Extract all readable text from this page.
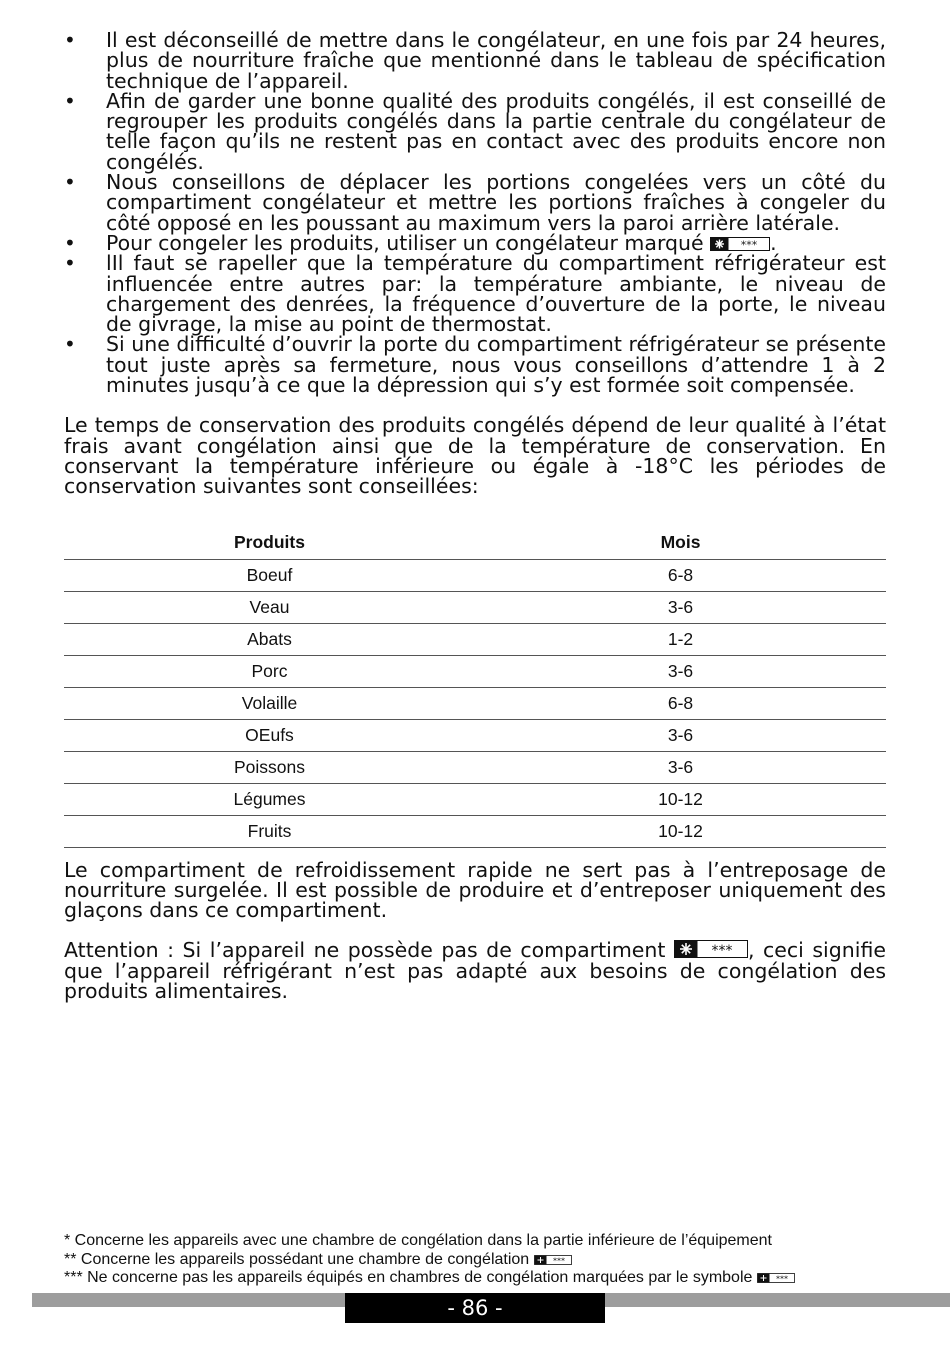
• Il est déconseillé de mettre dans le congélateur, en une fois par 24 heures, plus de nourriture fraîche que mentionné dans le tableau de spécification technique de l’appareil.
• Afin de garder une bonne qualité des produits congélés, il est conseillé de regrouper les produits congélés dans la partie centrale du congélateur de telle façon qu’ils ne restent pas en contact avec des produits encore non congélés.
• Nous conseillons de déplacer les portions congelées vers un côté du compartiment congélateur et mettre les portions fraîches à congeler du côté opposé en les poussant au maximum vers la paroi arrière latérale.
• Pour congeler les produits, utiliser un congélateur marqué	*** .
• lIl faut se rapeller que la température du compartiment réfrigérateur est influencée entre autres par: la température ambiante, le niveau de chargement des denrées, la fréquence d’ouverture de la porte, le niveau de givrage, la mise au point de thermostat.
• Si une difficulté d’ouvrir la porte du compartiment réfrigérateur se présente tout juste après sa fermeture, nous vous conseillons d’attendre 1 à 2 minutes jusqu’à ce que la dépression qui s’y est formée soit compensée.

Le temps de conservation des produits congélés dépend de leur qualité à l’état frais avant congélation ainsi que de la température de conservation. En conservant la température inférieure ou égale à -18°C les périodes de conservation suivantes sont conseillées:

Produits	Mois
Boeuf	6-8
Veau	3-6
Abats	1-2
Porc	3-6
Volaille	6-8
OEufs	3-6
Poissons	3-6
Légumes	10-12
Fruits	10-12

Le compartiment de refroidissement rapide ne sert pas à l’entreposage de nourriture surgelée. Il est possible de produire et d’entreposer uniquement des glaçons dans ce compartiment.

Attention : Si l’appareil ne possède pas de compartiment	*** , ceci signifie que l’appareil réfrigérant n’est pas adapté aux besoins de congélation des produits alimentaires.

* Concerne les appareils avec une chambre de congélation dans la partie inférieure de l’équipement
** Concerne les appareils possédant une chambre de congélation	***
*** Ne concerne pas les appareils équipés en chambres de congélation marquées par le symbole	***
- 86 -
